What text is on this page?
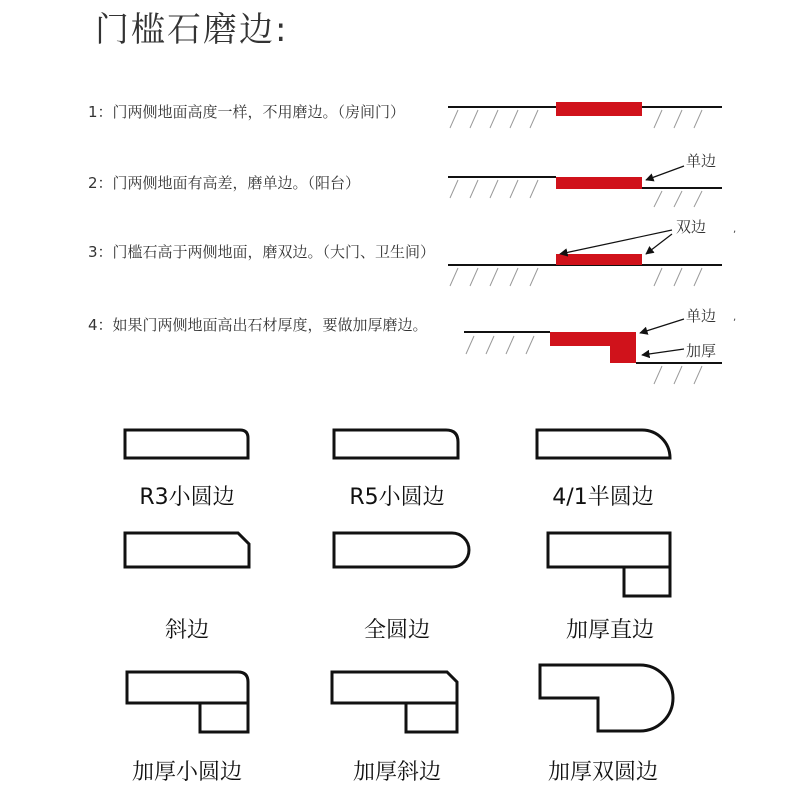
门槛石磨边:
1：门两侧地面高度一样，不用磨边。（房间门）
2：门两侧地面有高差，磨单边。（阳台）
3：门槛石高于两侧地面，磨双边。（大门、卫生间）
4：如果门两侧地面高出石材厚度，要做加厚磨边。
单边
双边
单边
加厚
,
,
R3小圆边	R5小圆边	4/1半圆边
斜边	全圆边	加厚直边
加厚小圆边	加厚斜边	加厚双圆边
